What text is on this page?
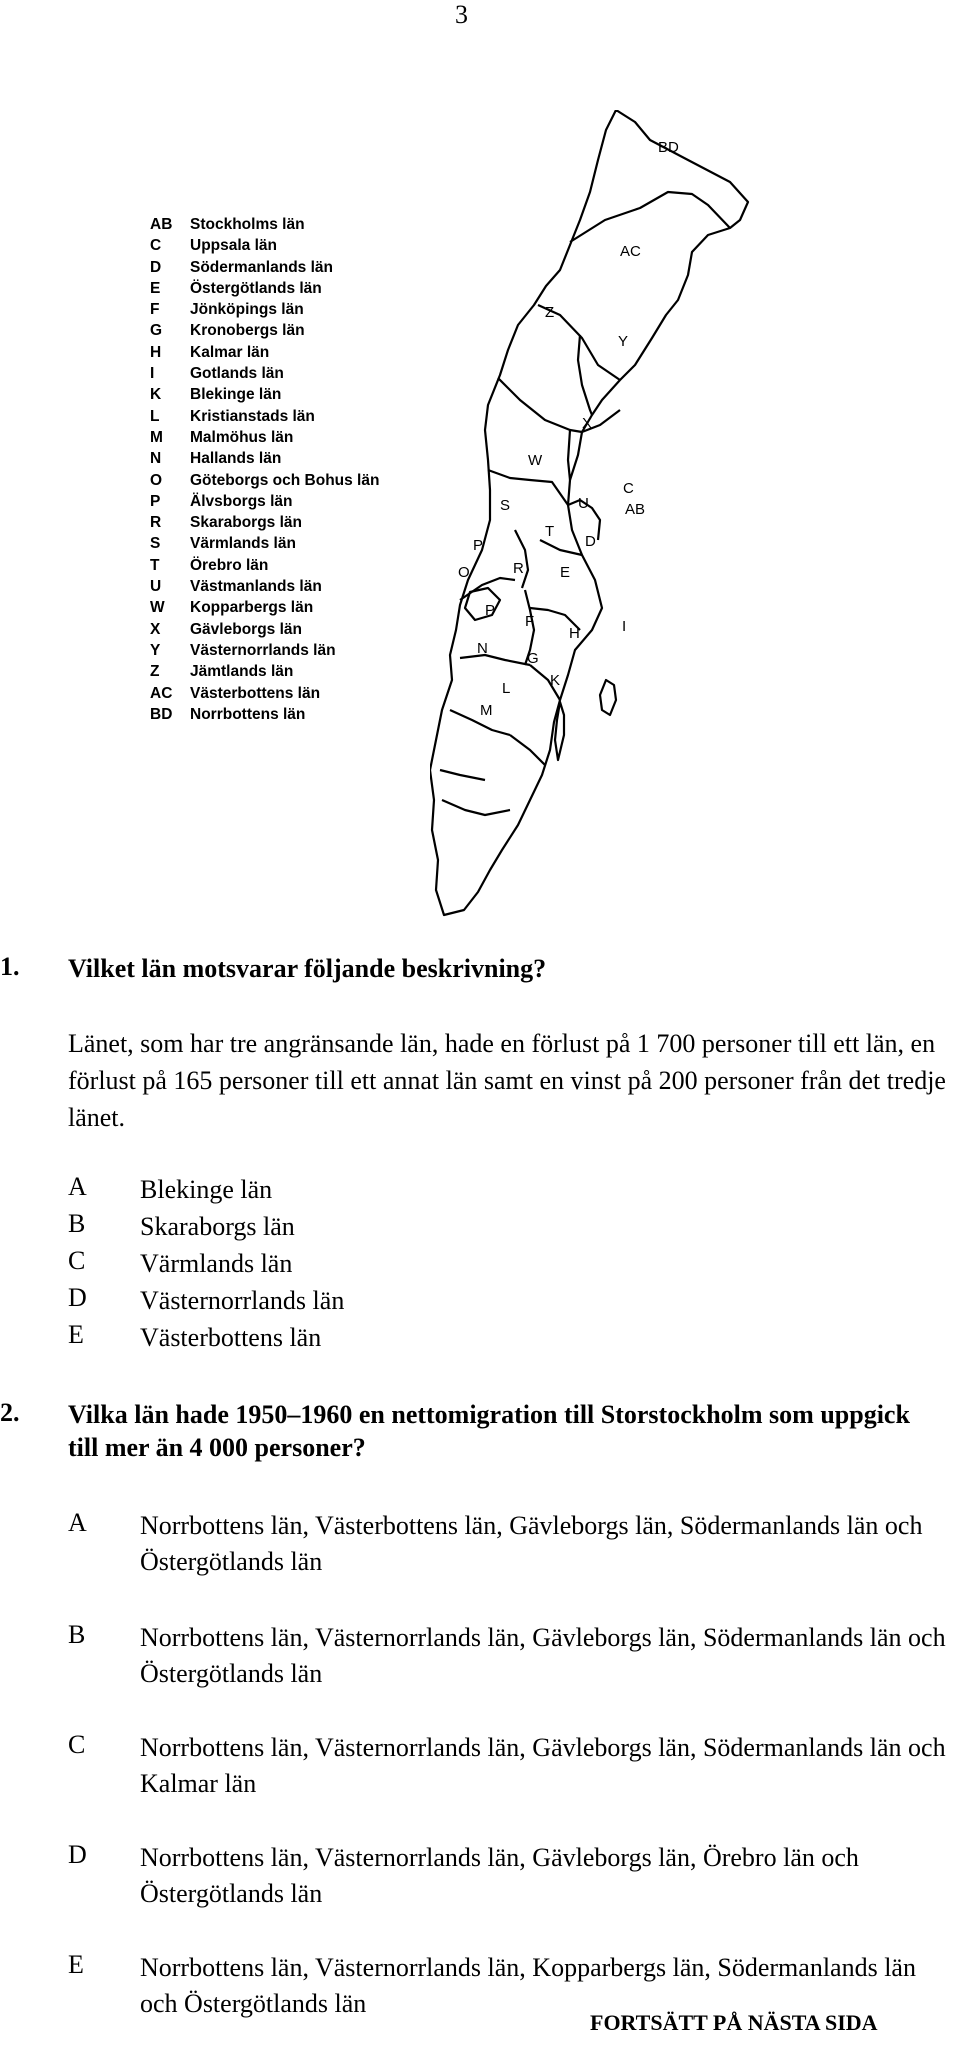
3
AB	Stockholms län
C	Uppsala län
D	Södermanlands län
E	Östergötlands län
F	Jönköpings län
G	Kronobergs län
H	Kalmar län
I	Gotlands län
K	Blekinge län
L	Kristianstads län
M	Malmöhus län
N	Hallands län
O	Göteborgs och Bohus län
P	Älvsborgs län
R	Skaraborgs län
S	Värmlands län
T	Örebro län
U	Västmanlands län
W	Kopparbergs län
X	Gävleborgs län
Y	Västernorrlands län
Z	Jämtlands län
AC	Västerbottens län
BD	Norrbottens län
BD
AC
Z
Y
X
W
C
U
S	AB
T
D
P
R
O	E
P
F	I
H
N
G
K
L
M
1. Vilket län motsvarar följande beskrivning?
Länet, som har tre angränsande län, hade en förlust på 1 700 personer till ett län, en förlust på 165 personer till ett annat län samt en vinst på 200 personer från det tredje länet.
A Blekinge län
B Skaraborgs län
C Värmlands län
D Västernorrlands län
E Västerbottens län
2. Vilka län hade 1950–1960 en nettomigration till Storstockholm som uppgick till mer än 4 000 personer?
A Norrbottens län, Västerbottens län, Gävleborgs län, Södermanlands län och Östergötlands län
B Norrbottens län, Västernorrlands län, Gävleborgs län, Södermanlands län och Östergötlands län
C Norrbottens län, Västernorrlands län, Gävleborgs län, Södermanlands län och Kalmar län
D Norrbottens län, Västernorrlands län, Gävleborgs län, Örebro län och Östergötlands län
E Norrbottens län, Västernorrlands län, Kopparbergs län, Södermanlands län och Östergötlands län
FORTSÄTT PÅ NÄSTA SIDA
